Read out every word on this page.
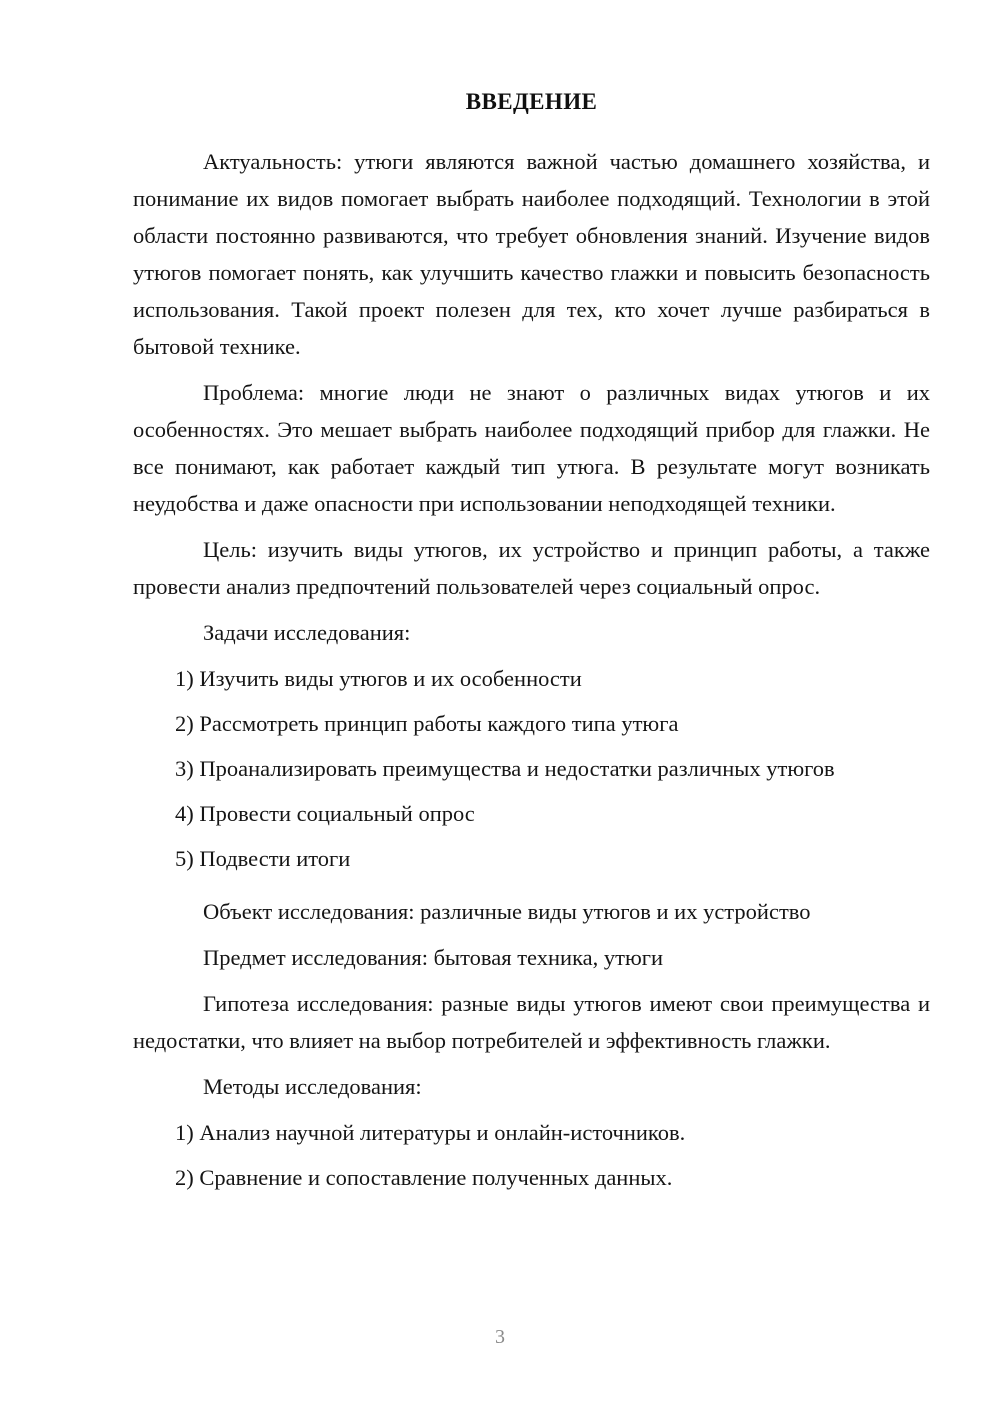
ВВЕДЕНИЕ

Актуальность: утюги являются важной частью домашнего хозяйства, и понимание их видов помогает выбрать наиболее подходящий. Технологии в этой области постоянно развиваются, что требует обновления знаний. Изучение видов утюгов помогает понять, как улучшить качество глажки и повысить безопасность использования. Такой проект полезен для тех, кто хочет лучше разбираться в бытовой технике.

Проблема: многие люди не знают о различных видах утюгов и их особенностях. Это мешает выбрать наиболее подходящий прибор для глажки. Не все понимают, как работает каждый тип утюга. В результате могут возникать неудобства и даже опасности при использовании неподходящей техники.

Цель: изучить виды утюгов, их устройство и принцип работы, а также провести анализ предпочтений пользователей через социальный опрос.

Задачи исследования:

1) Изучить виды утюгов и их особенности
2) Рассмотреть принцип работы каждого типа утюга
3) Проанализировать преимущества и недостатки различных утюгов
4) Провести социальный опрос
5) Подвести итоги

Объект исследования: различные виды утюгов и их устройство

Предмет исследования: бытовая техника, утюги

Гипотеза исследования: разные виды утюгов имеют свои преимущества и недостатки, что влияет на выбор потребителей и эффективность глажки.

Методы исследования:

1) Анализ научной литературы и онлайн-источников.
2) Сравнение и сопоставление полученных данных.
3
